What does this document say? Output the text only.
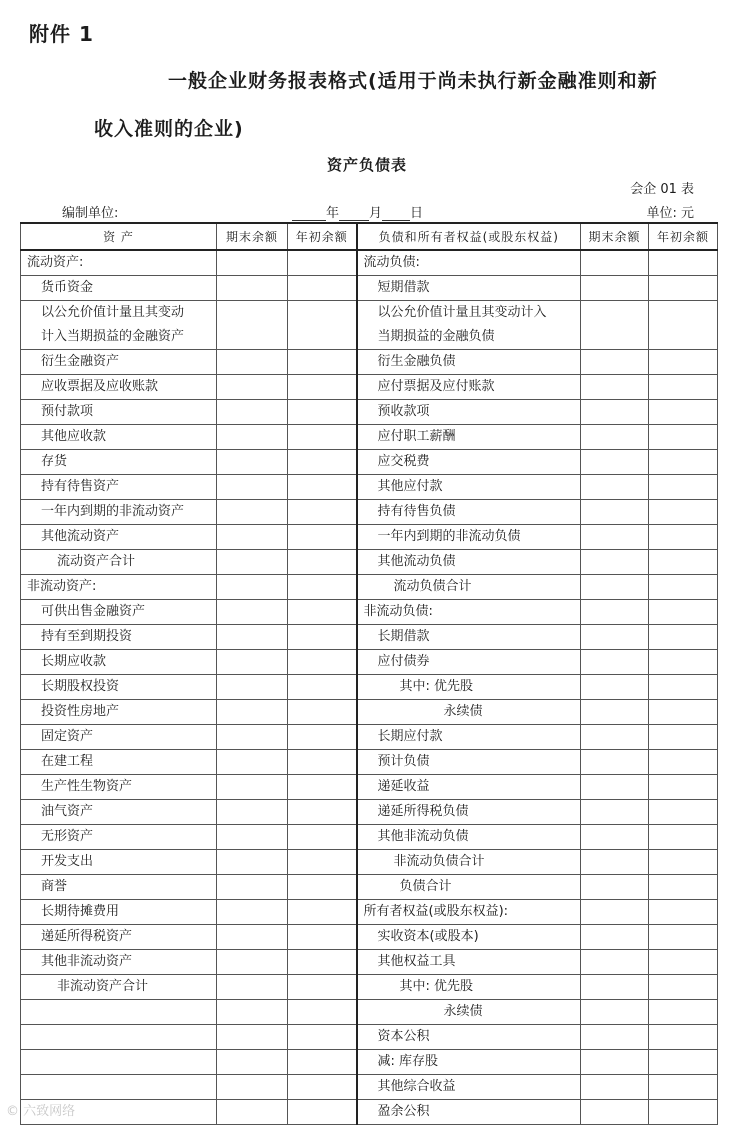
附件 1
一般企业财务报表格式(适用于尚未执行新金融准则和新
收入准则的企业)
资产负债表
会企 01 表
编制单位:	年 月 日	单位: 元
资 产	期末余额	年初余额	负债和所有者权益(或股东权益)	期末余额	年初余额
流动资产:			流动负债:		
货币资金			短期借款		

以公允价值计量且其变动
计入当期损益的金融资产			以公允价值计量且其变动计入
当期损益的金融负债		

衍生金融资产			衍生金融负债		
应收票据及应收账款			应付票据及应付账款		
预付款项			预收款项		
其他应收款			应付职工薪酬		
存货			应交税费		
持有待售资产			其他应付款		
一年内到期的非流动资产			持有待售负债		
其他流动资产			一年内到期的非流动负债		
流动资产合计			其他流动负债		
非流动资产:			流动负债合计		
可供出售金融资产			非流动负债:		
持有至到期投资			长期借款		
长期应收款			应付债券		
长期股权投资			其中: 优先股		
投资性房地产			永续债		
固定资产			长期应付款		
在建工程			预计负债		
生产性生物资产			递延收益		
油气资产			递延所得税负债		
无形资产			其他非流动负债		
开发支出			非流动负债合计		
商誉			负债合计		
长期待摊费用			所有者权益(或股东权益):		
递延所得税资产			实收资本(或股本)		
其他非流动资产			其他权益工具		
非流动资产合计			其中: 优先股		
			永续债		
			资本公积		
			减: 库存股		
			其他综合收益		
			盈余公积		
© 六致网络
